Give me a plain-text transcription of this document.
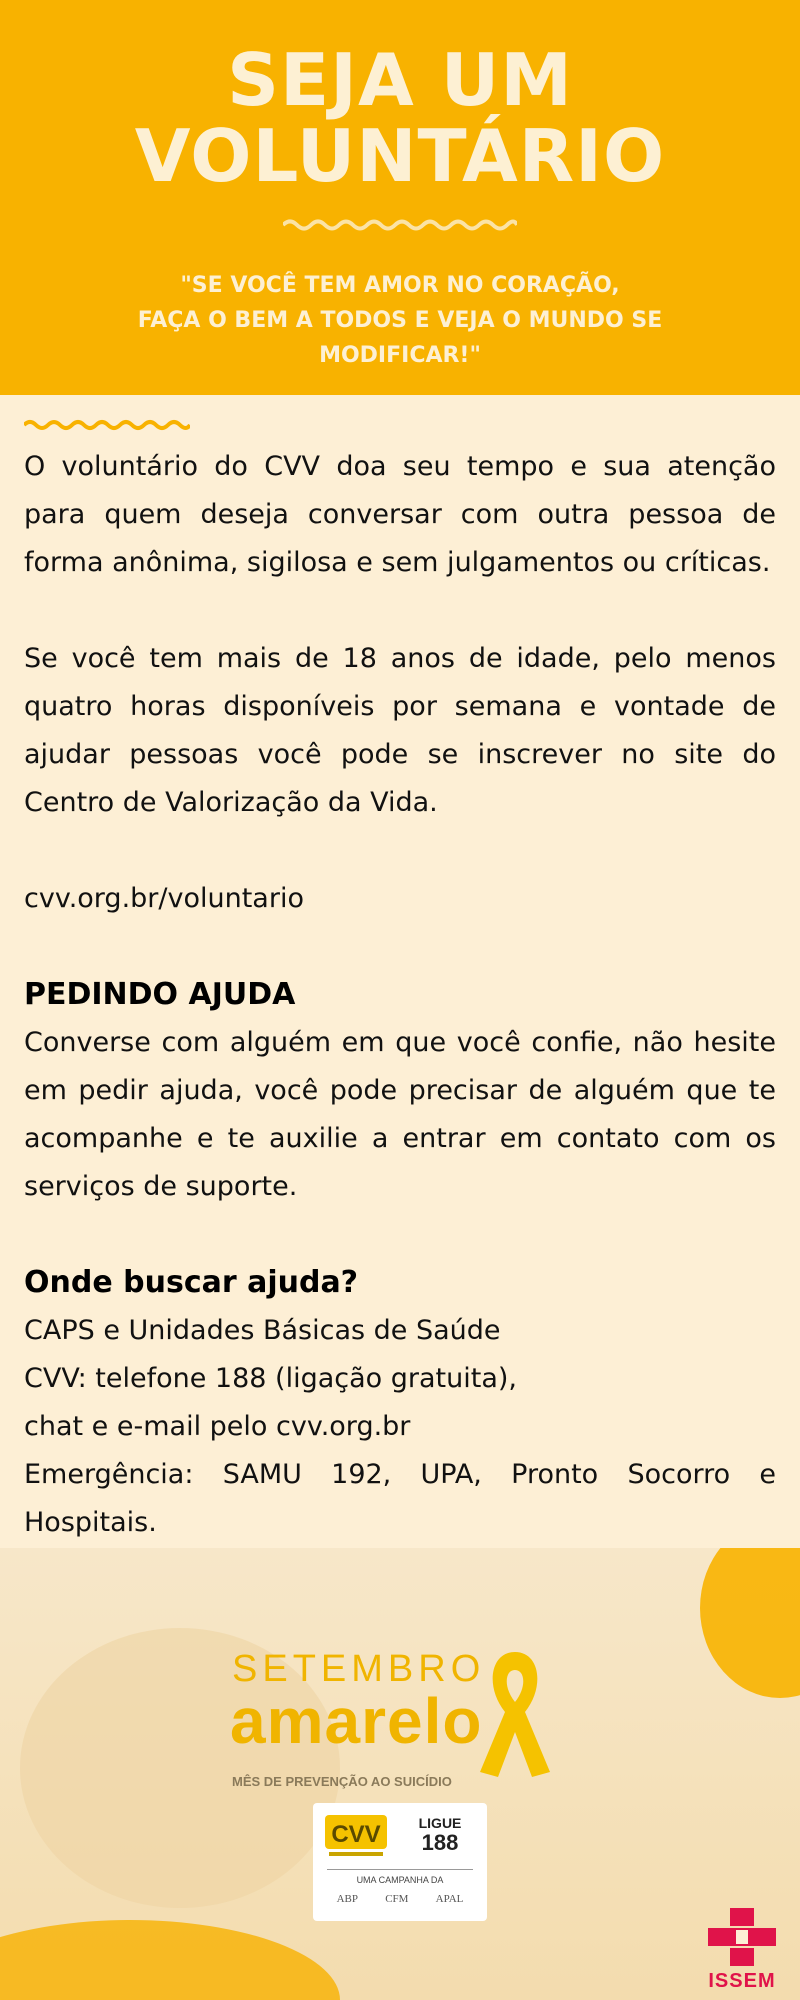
SEJA UM
VOLUNTÁRIO
"SE VOCÊ TEM AMOR NO CORAÇÃO,
FAÇA O BEM A TODOS E VEJA O MUNDO SE
MODIFICAR!"

O voluntário do CVV doa seu tempo e sua atenção para quem deseja conversar com outra pessoa de forma anônima, sigilosa e sem julgamentos ou críticas.

Se você tem mais de 18 anos de idade, pelo menos quatro horas disponíveis por semana e vontade de ajudar pessoas você pode se inscrever no site do Centro de Valorização da Vida.

cvv.org.br/voluntario

PEDINDO AJUDA

Converse com alguém em que você confie, não hesite em pedir ajuda, você pode precisar de alguém que te acompanhe e te auxilie a entrar em contato com os serviços de suporte.

Onde buscar ajuda?

CAPS e Unidades Básicas de Saúde

CVV: telefone 188 (ligação gratuita),

chat e e-mail pelo cvv.org.br

Emergência: SAMU 192, UPA, Pronto Socorro e Hospitais.

SETEMBRO
amarelo
MÊS DE PREVENÇÃO AO SUICÍDIO
CVV	LIGUE
188
UMA CAMPANHA DA
ABP CFM APAL
ISSEM
